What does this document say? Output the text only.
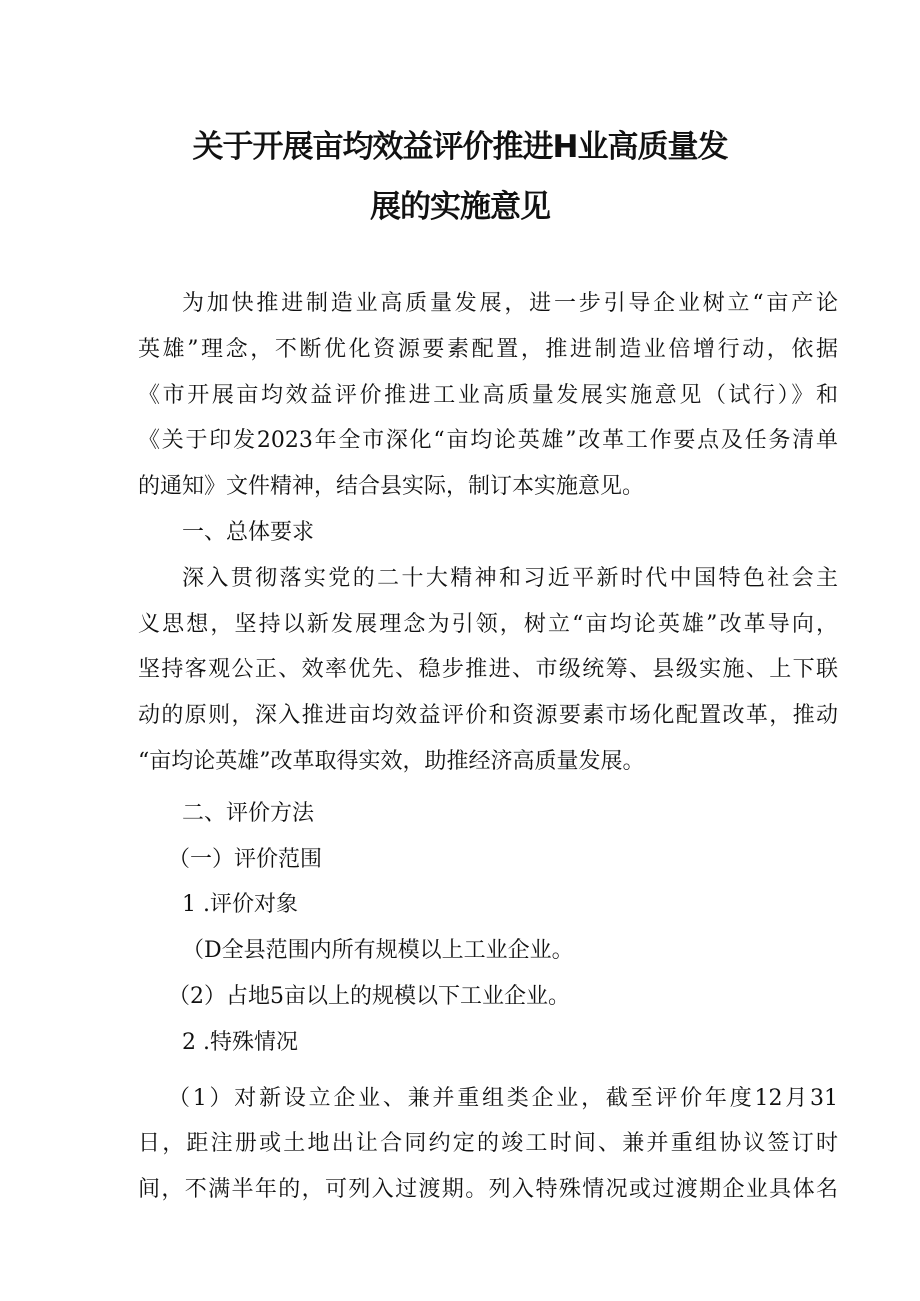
关于开展亩均效益评价推进H业高质量发
展的实施意见
为加快推进制造业高质量发展，进一步引导企业树立“亩产论
英雄”理念，不断优化资源要素配置，推进制造业倍增行动，依据
《市开展亩均效益评价推进工业高质量发展实施意见（试行）》和
《关于印发2023年全市深化“亩均论英雄”改革工作要点及任务清单
的通知》文件精神，结合县实际，制订本实施意见。
一、总体要求
深入贯彻落实党的二十大精神和习近平新时代中国特色社会主
义思想，坚持以新发展理念为引领，树立“亩均论英雄”改革导向，
坚持客观公正、效率优先、稳步推进、市级统筹、县级实施、上下联
动的原则，深入推进亩均效益评价和资源要素市场化配置改革，推动
“亩均论英雄”改革取得实效，助推经济高质量发展。
二、评价方法
（一）评价范围
1 .评价对象
（D全县范围内所有规模以上工业企业。
（2）占地5亩以上的规模以下工业企业。
2 .特殊情况
（1）对新设立企业、兼并重组类企业，截至评价年度12月31
日，距注册或土地出让合同约定的竣工时间、兼并重组协议签订时
间，不满半年的，可列入过渡期。列入特殊情况或过渡期企业具体名
